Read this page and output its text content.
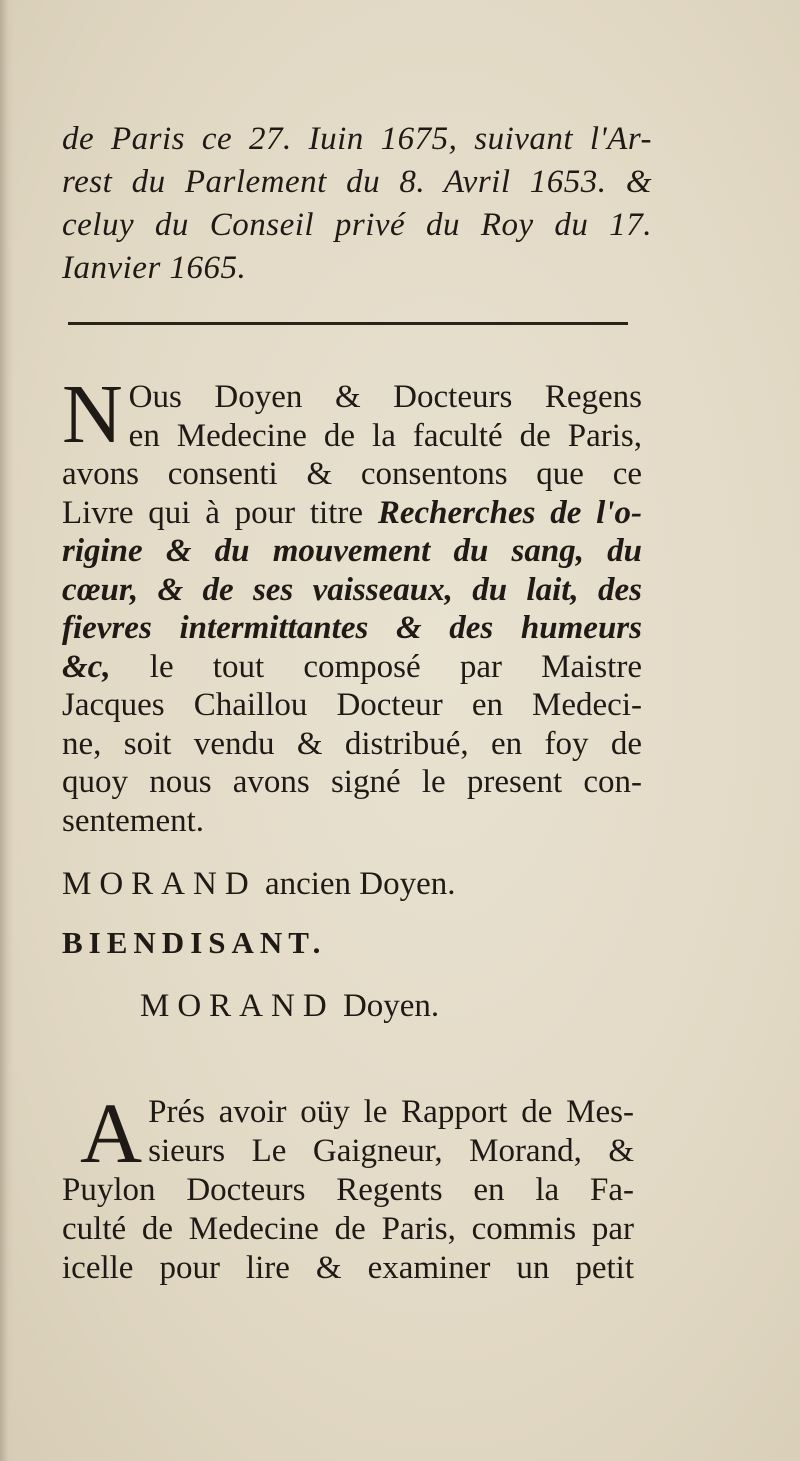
de Paris ce 27. Iuin 1675, suivant l'Ar-
rest du Parlement du 8. Avril 1653. &
celuy du Conseil privé du Roy du 17.
Ianvier 1665.
N Ous Doyen & Docteurs Regens
en Medecine de la faculté de Paris,
avons consenti & consentons que ce
Livre qui à pour titre Recherches de l'o-
rigine & du mouvement du sang, du
cœur, & de ses vaisseaux, du lait, des
fievres intermittantes & des humeurs
&c, le tout composé par Maistre
Jacques Chaillou Docteur en Medeci-
ne, soit vendu & distribué, en foy de
quoy nous avons signé le present con-
sentement.
MORAND ancien Doyen.
BIENDISANT.
MORAND Doyen.
A Prés avoir oüy le Rapport de Mes-
sieurs Le Gaigneur, Morand, &
Puylon Docteurs Regents en la Fa-
culté de Medecine de Paris, commis par
icelle pour lire & examiner un petit
